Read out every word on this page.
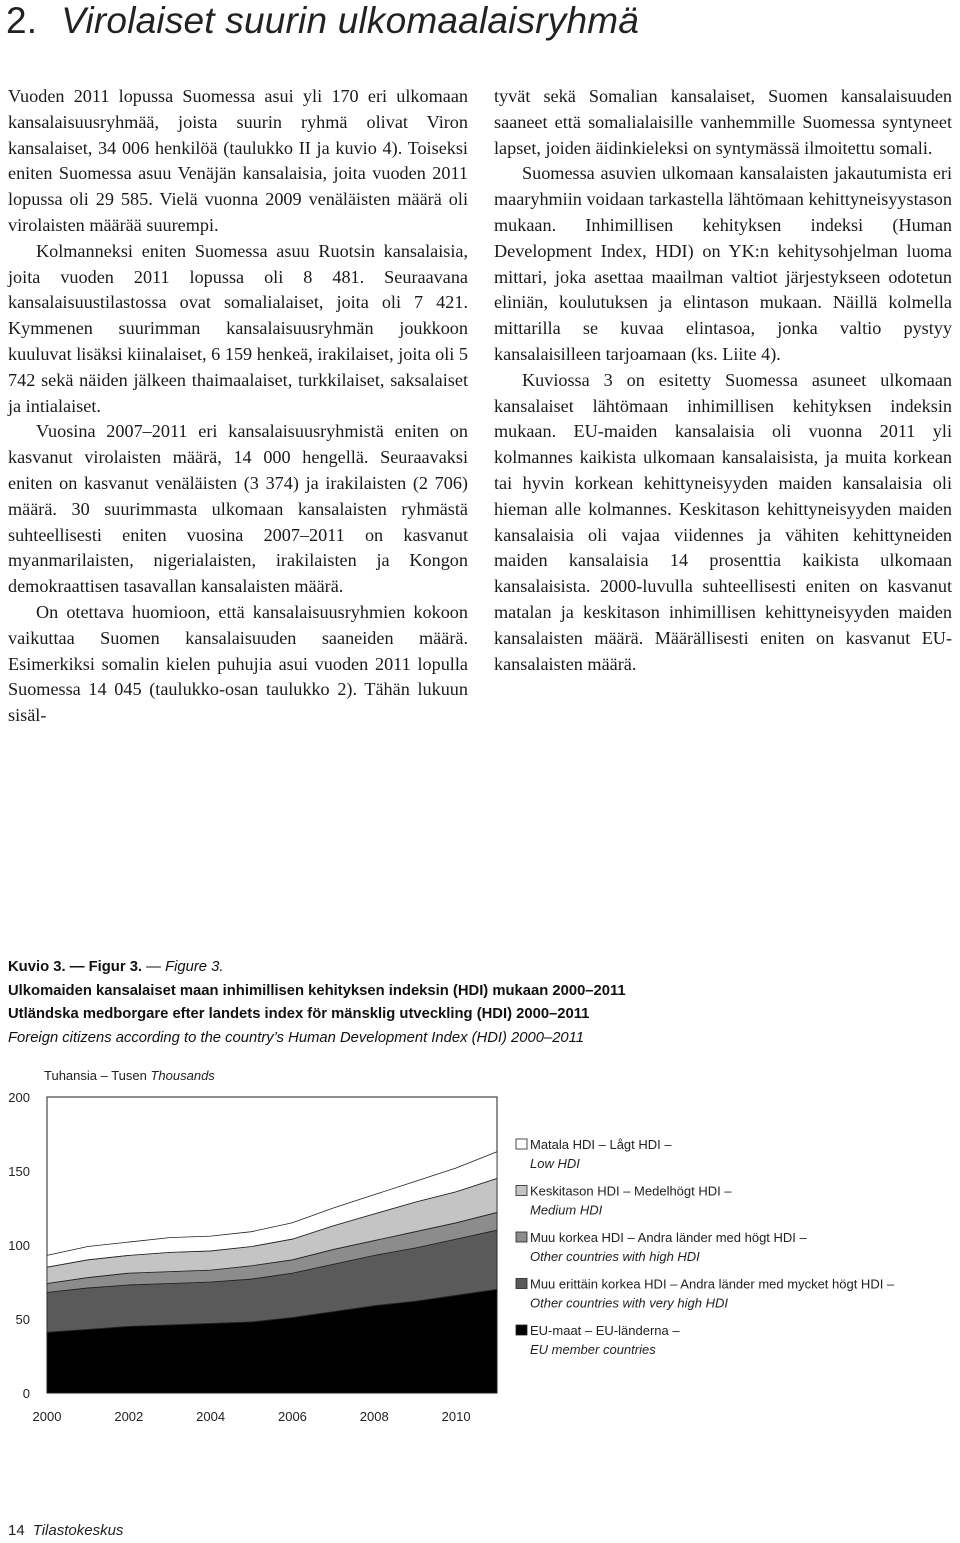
2. Virolaiset suurin ulkomaalaisryhmä

Vuoden 2011 lopussa Suomessa asui yli 170 eri ulkomaan kansalaisuusryhmää, joista suurin ryhmä olivat Viron kansalaiset, 34 006 henkilöä (taulukko II ja kuvio 4). Toiseksi eniten Suomessa asuu Venäjän kansalaisia, joita vuoden 2011 lopussa oli 29 585. Vielä vuonna 2009 venäläisten määrä oli virolaisten määrää suurempi.

Kolmanneksi eniten Suomessa asuu Ruotsin kansalaisia, joita vuoden 2011 lopussa oli 8 481. Seuraavana kansalaisuustilastossa ovat somalialaiset, joita oli 7 421. Kymmenen suurimman kansalaisuusryhmän joukkoon kuuluvat lisäksi kiinalaiset, 6 159 henkeä, irakilaiset, joita oli 5 742 sekä näiden jälkeen thaimaalaiset, turkkilaiset, saksalaiset ja intialaiset.

Vuosina 2007–2011 eri kansalaisuusryhmistä eniten on kasvanut virolaisten määrä, 14 000 hengellä. Seuraavaksi eniten on kasvanut venäläisten (3 374) ja irakilaisten (2 706) määrä. 30 suurimmasta ulkomaan kansalaisten ryhmästä suhteellisesti eniten vuosina 2007–2011 on kasvanut myanmarilaisten, nigerialaisten, irakilaisten ja Kongon demokraattisen tasavallan kansalaisten määrä.

On otettava huomioon, että kansalaisuusryhmien kokoon vaikuttaa Suomen kansalaisuuden saaneiden määrä. Esimerkiksi somalin kielen puhujia asui vuoden 2011 lopulla Suomessa 14 045 (taulukko-osan taulukko 2). Tähän lukuun sisäl-

tyvät sekä Somalian kansalaiset, Suomen kansalaisuuden saaneet että somalialaisille vanhemmille Suomessa syntyneet lapset, joiden äidinkieleksi on syntymässä ilmoitettu somali.

Suomessa asuvien ulkomaan kansalaisten jakautumista eri maaryhmiin voidaan tarkastella lähtömaan kehittyneisyystason mukaan. Inhimillisen kehityksen indeksi (Human Development Index, HDI) on YK:n kehitysohjelman luoma mittari, joka asettaa maailman valtiot järjestykseen odotetun eliniän, koulutuksen ja elintason mukaan. Näillä kolmella mittarilla se kuvaa elintasoa, jonka valtio pystyy kansalaisilleen tarjoamaan (ks. Liite 4).

Kuviossa 3 on esitetty Suomessa asuneet ulkomaan kansalaiset lähtömaan inhimillisen kehityksen indeksin mukaan. EU-maiden kansalaisia oli vuonna 2011 yli kolmannes kaikista ulkomaan kansalaisista, ja muita korkean tai hyvin korkean kehittyneisyyden maiden kansalaisia oli hieman alle kolmannes. Keskitason kehittyneisyyden maiden kansalaisia oli vajaa viidennes ja vähiten kehittyneiden maiden kansalaisia 14 prosenttia kaikista ulkomaan kansalaisista. 2000-luvulla suhteellisesti eniten on kasvanut matalan ja keskitason inhimillisen kehittyneisyyden maiden kansalaisten määrä. Määrällisesti eniten on kasvanut EU-kansalaisten määrä.

Kuvio 3. — Figur 3. — Figure 3.
Ulkomaiden kansalaiset maan inhimillisen kehityksen indeksin (HDI) mukaan 2000–2011
Utländska medborgare efter landets index för mänsklig utveckling (HDI) 2000–2011
Foreign citizens according to the country’s Human Development Index (HDI) 2000–2011
Tuhansia – Tusen Thousands
0
50
100
150
200
2000	2002	2004	2006	2008	2010
Matala HDI – Lågt HDI –
Low HDI
Keskitason HDI – Medelhögt HDI –
Medium HDI
Muu korkea HDI – Andra länder med högt HDI –
Other countries with high HDI
Muu erittäin korkea HDI – Andra länder med mycket högt HDI –
Other countries with very high HDI
EU-maat – EU-länderna –
EU member countries
14 Tilastokeskus
